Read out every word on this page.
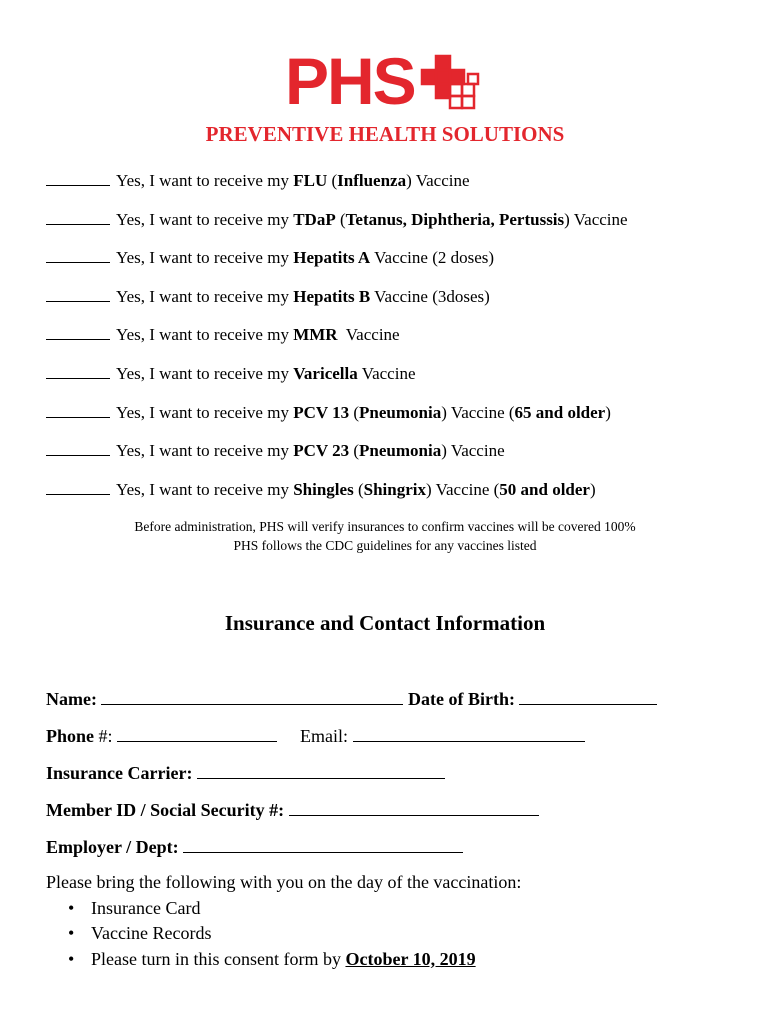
PHS
PREVENTIVE HEALTH SOLUTIONS
Yes, I want to receive my FLU (Influenza) Vaccine
Yes, I want to receive my TDaP (Tetanus, Diphtheria, Pertussis) Vaccine
Yes, I want to receive my Hepatits A Vaccine (2 doses)
Yes, I want to receive my Hepatits B Vaccine (3doses)
Yes, I want to receive my MMR  Vaccine
Yes, I want to receive my Varicella Vaccine
Yes, I want to receive my PCV 13 (Pneumonia) Vaccine (65 and older)
Yes, I want to receive my PCV 23 (Pneumonia) Vaccine
Yes, I want to receive my Shingles (Shingrix) Vaccine (50 and older)
Before administration, PHS will verify insurances to confirm vaccines will be covered 100%
PHS follows the CDC guidelines for any vaccines listed
Insurance and Contact Information
Name:	Date of Birth:
Phone #:	Email:
Insurance Carrier:
Member ID / Social Security #:
Employer / Dept:
Please bring the following with you on the day of the vaccination:
• Insurance Card
• Vaccine Records
• Please turn in this consent form by October 10, 2019
